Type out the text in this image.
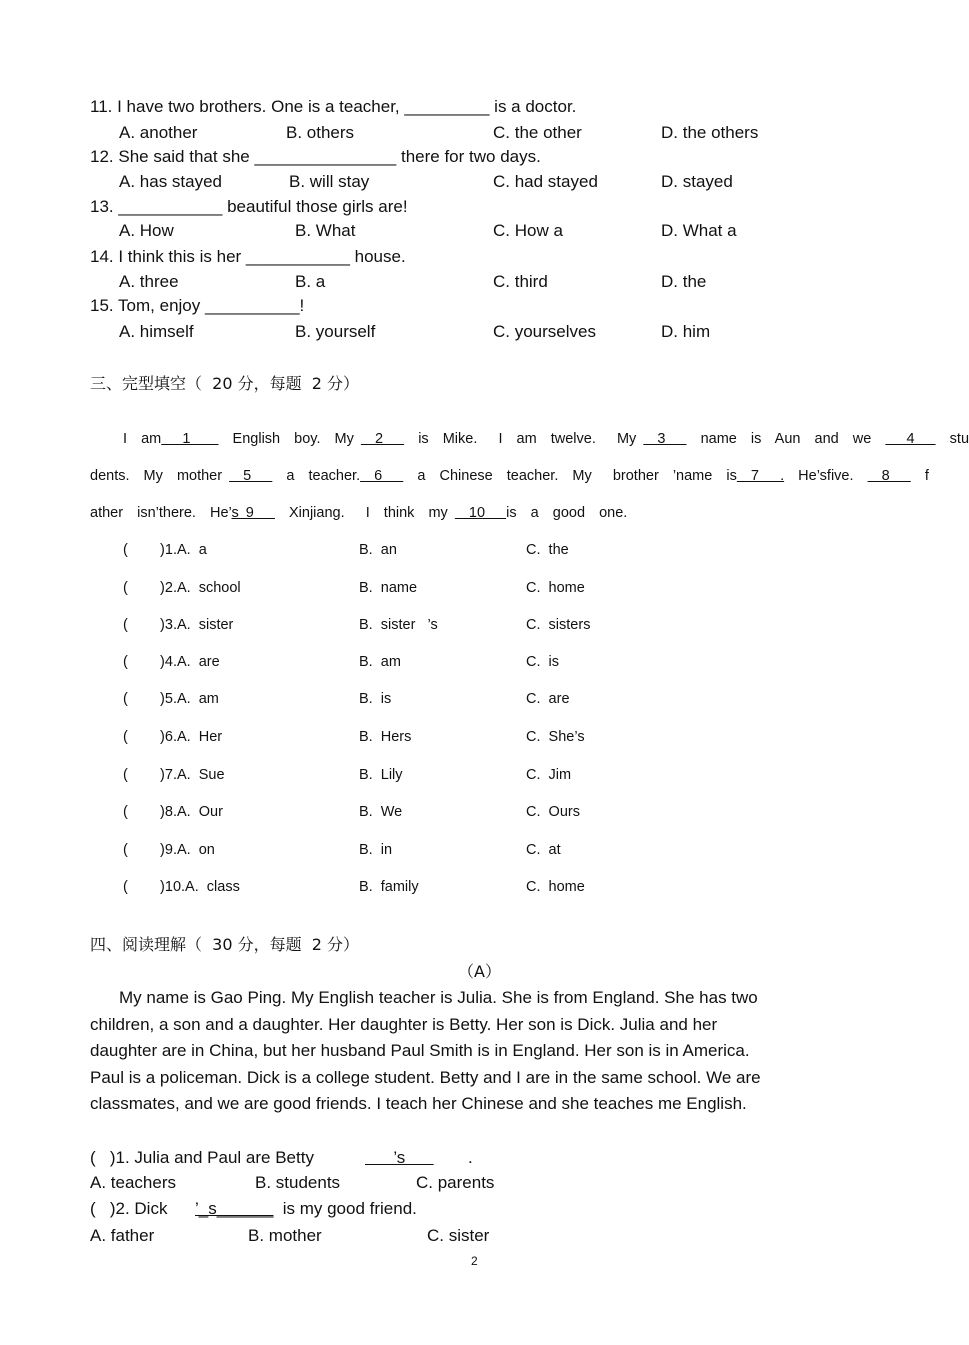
11. I have two brothers. One is a teacher, _________ is a doctor.
A. another	B. others	C. the other	D. the others
12. She said that she _______________ there for two days.
A. has stayed	B. will stay	C. had stayed	D. stayed
13. ___________ beautiful those girls are!
A. How	B. What	C. How a	D. What a
14. I think this is her ___________ house.
A. three	B. a	C. third	D. the
15. Tom, enjoy __________!
A. himself	B. yourself	C. yourselves	D. him
三、完型填空（  20 分，每题  2 分）
I  am   1      English  boy.  My   2     is  Mike.   I  am  twelve.   My   3     name  is  Aun  and  we     4     stu
dents.  My  mother   5     a  teacher.  6     a  Chinese  teacher.  My   brother  ’name  is  7   .  He’sfive.    8     f
ather  isn’there.  He’s 9     Xinjiang.   I  think  my   10   is  a  good  one.
(        )1.A.  a	B.  an	C.  the
(        )2.A.  school	B.  name	C.  home
(        )3.A.  sister	B.  sister   ’s	C.  sisters
(        )4.A.  are	B.  am	C.  is
(        )5.A.  am	B.  is	C.  are
(        )6.A.  Her	B.  Hers	C.  She’s
(        )7.A.  Sue	B.  Lily	C.  Jim
(        )8.A.  Our	B.  We	C.  Ours
(        )9.A.  on	B.  in	C.  at
(        )10.A.  class	B.  family	C.  home
四、阅读理解（  30 分，每题  2 分）
（A）
My name is Gao Ping. My English teacher is Julia. She is from England. She has two
children, a son and a daughter. Her daughter is Betty. Her son is Dick. Julia and her
daughter are in China, but her husband Paul Smith is in England. Her son is in America.
Paul is a policeman. Dick is a college student. Betty and I are in the same school. We are
classmates, and we are good friends. I teach her Chinese and she teaches me English.
(   )1. Julia and Paul are Betty	’s .
A. teachers	B. students	C. parents
(   )2. Dick ’_s______ is my good friend.
A. father	B. mother	C. sister
2
